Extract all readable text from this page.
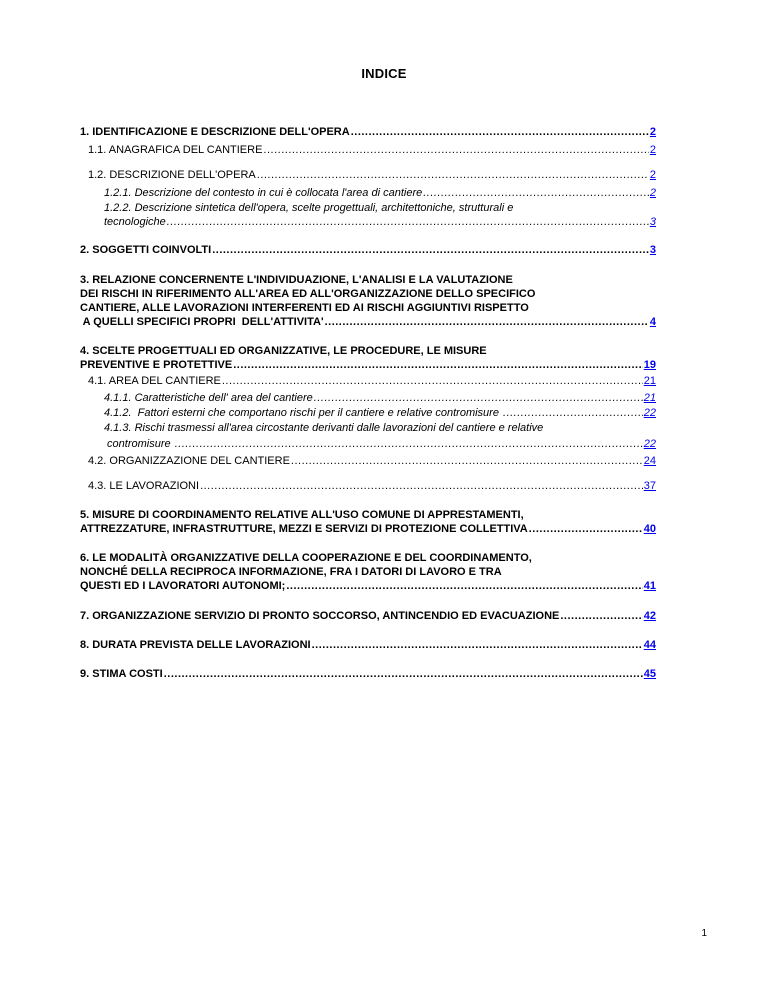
INDICE
1. IDENTIFICAZIONE E DESCRIZIONE DELL'OPERA .....	2
1.1. ANAGRAFICA DEL CANTIERE .....	2
1.2. DESCRIZIONE DELL'OPERA .....	2
1.2.1. Descrizione del contesto in cui è collocata l'area di cantiere .....	2
1.2.2. Descrizione sintetica dell'opera, scelte progettuali, architettoniche, strutturali e
tecnologiche .....	3
2. SOGGETTI COINVOLTI .....	3
3. RELAZIONE CONCERNENTE L'INDIVIDUAZIONE, L'ANALISI E LA VALUTAZIONE
DEI RISCHI IN RIFERIMENTO ALL'AREA ED ALL'ORGANIZZAZIONE DELLO SPECIFICO
CANTIERE, ALLE LAVORAZIONI INTERFERENTI ED AI RISCHI AGGIUNTIVI RISPETTO
A QUELLI SPECIFICI PROPRI  DELL'ATTIVITA' .....	4
4. SCELTE PROGETTUALI ED ORGANIZZATIVE, LE PROCEDURE, LE MISURE
PREVENTIVE E PROTETTIVE .....	19
4.1. AREA DEL CANTIERE .....	21
4.1.1. Caratteristiche dell' area del cantiere .....	21
4.1.2.  Fattori esterni che comportano rischi per il cantiere e relative contromisure .....	22
4.1.3. Rischi trasmessi all'area circostante derivanti dalle lavorazioni del cantiere e relative
contromisure .....	22
4.2. ORGANIZZAZIONE DEL CANTIERE .....	24
4.3. LE LAVORAZIONI .....	37
5. MISURE DI COORDINAMENTO RELATIVE ALL'USO COMUNE DI APPRESTAMENTI,
ATTREZZATURE, INFRASTRUTTURE, MEZZI E SERVIZI DI PROTEZIONE COLLETTIVA .....	40
6. LE MODALITÀ ORGANIZZATIVE DELLA COOPERAZIONE E DEL COORDINAMENTO,
NONCHÉ DELLA RECIPROCA INFORMAZIONE, FRA I DATORI DI LAVORO E TRA
QUESTI ED I LAVORATORI AUTONOMI; .....	41
7. ORGANIZZAZIONE SERVIZIO DI PRONTO SOCCORSO, ANTINCENDIO ED EVACUAZIONE .....	42
8. DURATA PREVISTA DELLE LAVORAZIONI .....	44
9. STIMA COSTI .....	45
1
